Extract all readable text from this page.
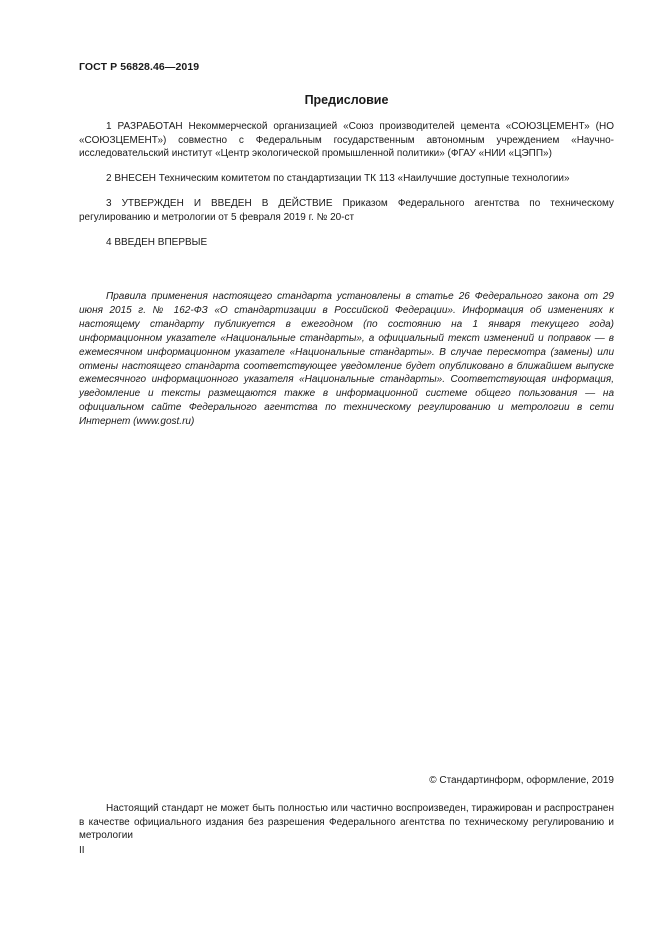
ГОСТ Р 56828.46—2019
Предисловие

1 РАЗРАБОТАН Некоммерческой организацией «Союз производителей цемента «СОЮЗЦЕМЕНТ» (НО «СОЮЗЦЕМЕНТ») совместно с Федеральным государственным автономным учреждением «Научно-исследовательский институт «Центр экологической промышленной политики» (ФГАУ «НИИ «ЦЭПП»)

2 ВНЕСЕН Техническим комитетом по стандартизации ТК 113 «Наилучшие доступные технологии»

3 УТВЕРЖДЕН И ВВЕДЕН В ДЕЙСТВИЕ Приказом Федерального агентства по техническому регулированию и метрологии от 5 февраля 2019 г. № 20-ст

4 ВВЕДЕН ВПЕРВЫЕ

Правила применения настоящего стандарта установлены в статье 26 Федерального закона от 29 июня 2015 г. № 162-ФЗ «О стандартизации в Российской Федерации». Информация об изменениях к настоящему стандарту публикуется в ежегодном (по состоянию на 1 января текущего года) информационном указателе «Национальные стандарты», а официальный текст изменений и поправок — в ежемесячном информационном указателе «Национальные стандарты». В случае пересмотра (замены) или отмены настоящего стандарта соответствующее уведомление будет опубликовано в ближайшем выпуске ежемесячного информационного указателя «Национальные стандарты». Соответствующая информация, уведомление и тексты размещаются также в информационной системе общего пользования — на официальном сайте Федерального агентства по техническому регулированию и метрологии в сети Интернет (www.gost.ru)

© Стандартинформ, оформление, 2019

Настоящий стандарт не может быть полностью или частично воспроизведен, тиражирован и распространен в качестве официального издания без разрешения Федерального агентства по техническому регулированию и метрологии

II
